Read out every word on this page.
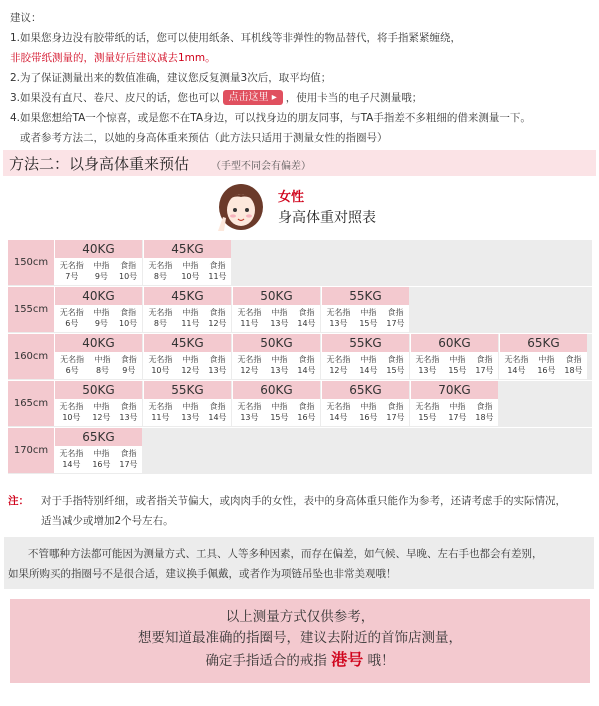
建议：
1.如果您身边没有胶带纸的话，您可以使用纸条、耳机线等非弹性的物品替代，将手指紧紧缠绕，
非胶带纸测量的，测量好后建议减去1mm。
2.为了保证测量出来的数值准确，建议您反复测量3次后，取平均值；
3.如果没有直尺、卷尺、皮尺的话，您也可以 点击这里 ▸ ，使用卡当的电子尺测量哦；
4.如果您想给TA一个惊喜，或是您不在TA身边，可以找身边的朋友同事，与TA手指差不多粗细的借来测量一下。
或者参考方法二，以她的身高体重来预估（此方法只适用于测量女性的指圈号）
方法二：以身高体重来预估 （手型不同会有偏差）
女性
身高体重对照表
150cm
40KG
无名指
7号
中指
9号
食指
10号
45KG
无名指
8号
中指
10号
食指
11号
155cm
40KG
无名指
6号
中指
9号
食指
10号
45KG
无名指
8号
中指
11号
食指
12号
50KG
无名指
11号
中指
13号
食指
14号
55KG
无名指
13号
中指
15号
食指
17号
160cm
40KG
无名指
6号
中指
8号
食指
9号
45KG
无名指
10号
中指
12号
食指
13号
50KG
无名指
12号
中指
13号
食指
14号
55KG
无名指
12号
中指
14号
食指
15号
60KG
无名指
13号
中指
15号
食指
17号
65KG
无名指
14号
中指
16号
食指
18号
165cm
50KG
无名指
10号
中指
12号
食指
13号
55KG
无名指
11号
中指
13号
食指
14号
60KG
无名指
13号
中指
15号
食指
16号
65KG
无名指
14号
中指
16号
食指
17号
70KG
无名指
15号
中指
17号
食指
18号
170cm
65KG
无名指
14号
中指
16号
食指
17号
注： 对于手指特别纤细，或者指关节偏大，或肉肉手的女性，表中的身高体重只能作为参考，还请考虑手的实际情况，
适当减少或增加2个号左右。
不管哪种方法都可能因为测量方式、工具、人等多种因素，而存在偏差，如气候、早晚、左右手也都会有差别，
如果所购买的指圈号不是很合适，建议换手佩戴，或者作为项链吊坠也非常美观哦！
以上测量方式仅供参考，
想要知道最准确的指圈号，建议去附近的首饰店测量，
确定手指适合的戒指 港号 哦！
